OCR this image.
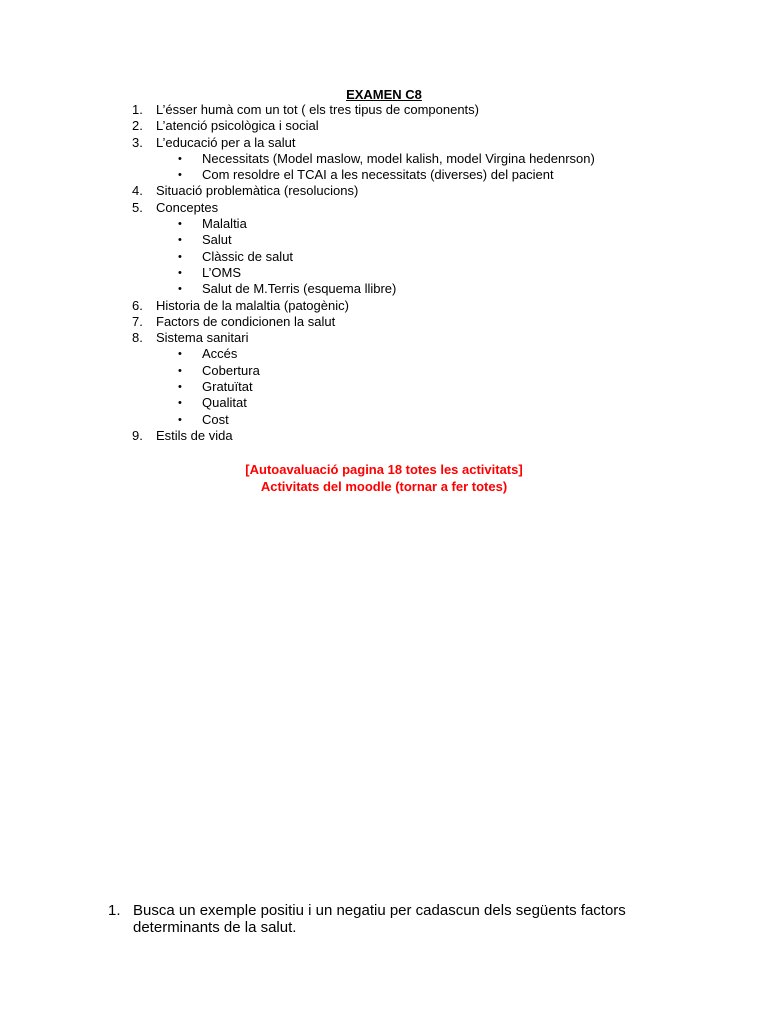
EXAMEN C8
1. L’ésser humà com un tot ( els tres tipus de components)
2. L’atenció psicològica i social
3. L’educació per a la salut
• Necessitats (Model maslow, model kalish, model Virgina hedenrson)
• Com resoldre el TCAI a les necessitats (diverses) del pacient
4. Situació problemàtica (resolucions)
5. Conceptes
• Malaltia
• Salut
• Clàssic de salut
• L’OMS
• Salut de M.Terris (esquema llibre)
6. Historia de la malaltia (patogènic)
7. Factors de condicionen la salut
8. Sistema sanitari
• Accés
• Cobertura
• Gratuïtat
• Qualitat
• Cost
9. Estils de vida
[Autoavaluació pagina 18 totes les activitats]
Activitats del moodle (tornar a fer totes)
1. Busca un exemple positiu i un negatiu per cadascun dels següents factors determinants de la salut.
